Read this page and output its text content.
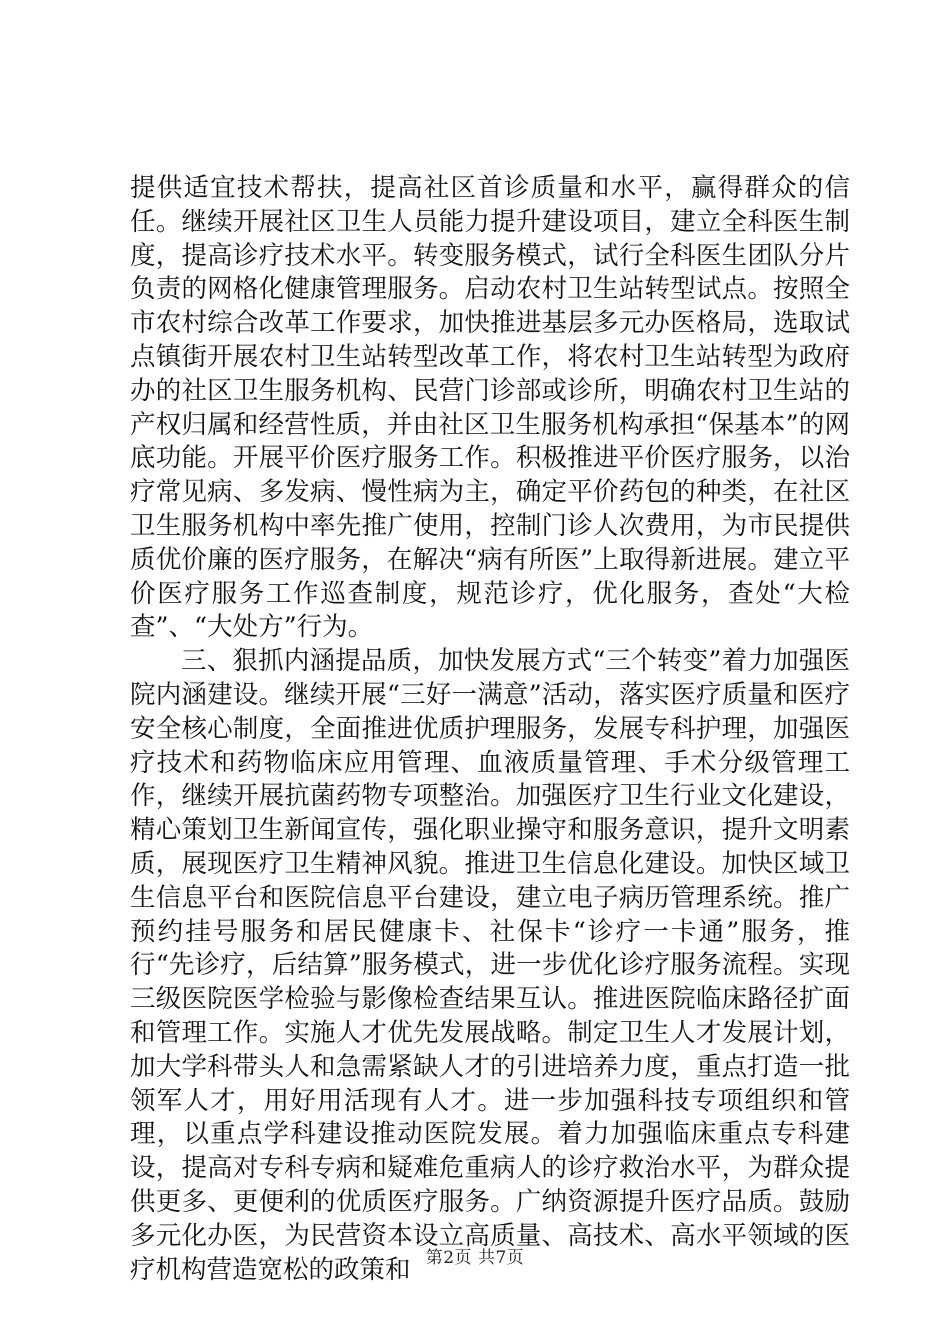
提供适宜技术帮扶，提高社区首诊质量和水平，赢得群众的信任。继续开展社区卫生人员能力提升建设项目，建立全科医生制度，提高诊疗技术水平。转变服务模式，试行全科医生团队分片负责的网格化健康管理服务。启动农村卫生站转型试点。按照全市农村综合改革工作要求，加快推进基层多元办医格局，选取试点镇街开展农村卫生站转型改革工作，将农村卫生站转型为政府办的社区卫生服务机构、民营门诊部或诊所，明确农村卫生站的产权归属和经营性质，并由社区卫生服务机构承担“保基本”的网底功能。开展平价医疗服务工作。积极推进平价医疗服务，以治疗常见病、多发病、慢性病为主，确定平价药包的种类，在社区卫生服务机构中率先推广使用，控制门诊人次费用，为市民提供质优价廉的医疗服务，在解决“病有所医”上取得新进展。建立平价医疗服务工作巡查制度，规范诊疗，优化服务，查处“大检查”、“大处方”行为。

三、狠抓内涵提品质，加快发展方式“三个转变”着力加强医院内涵建设。继续开展“三好一满意”活动，落实医疗质量和医疗安全核心制度，全面推进优质护理服务，发展专科护理，加强医疗技术和药物临床应用管理、血液质量管理、手术分级管理工作，继续开展抗菌药物专项整治。加强医疗卫生行业文化建设，精心策划卫生新闻宣传，强化职业操守和服务意识，提升文明素质，展现医疗卫生精神风貌。推进卫生信息化建设。加快区域卫生信息平台和医院信息平台建设，建立电子病历管理系统。推广预约挂号服务和居民健康卡、社保卡“诊疗一卡通”服务，推行“先诊疗，后结算”服务模式，进一步优化诊疗服务流程。实现三级医院医学检验与影像检查结果互认。推进医院临床路径扩面和管理工作。实施人才优先发展战略。制定卫生人才发展计划，加大学科带头人和急需紧缺人才的引进培养力度，重点打造一批领军人才，用好用活现有人才。进一步加强科技专项组织和管理，以重点学科建设推动医院发展。着力加强临床重点专科建设，提高对专科专病和疑难危重病人的诊疗救治水平，为群众提供更多、更便利的优质医疗服务。广纳资源提升医疗品质。鼓励多元化办医，为民营资本设立高质量、高技术、高水平领域的医疗机构营造宽松的政策和 第2页 共7页
